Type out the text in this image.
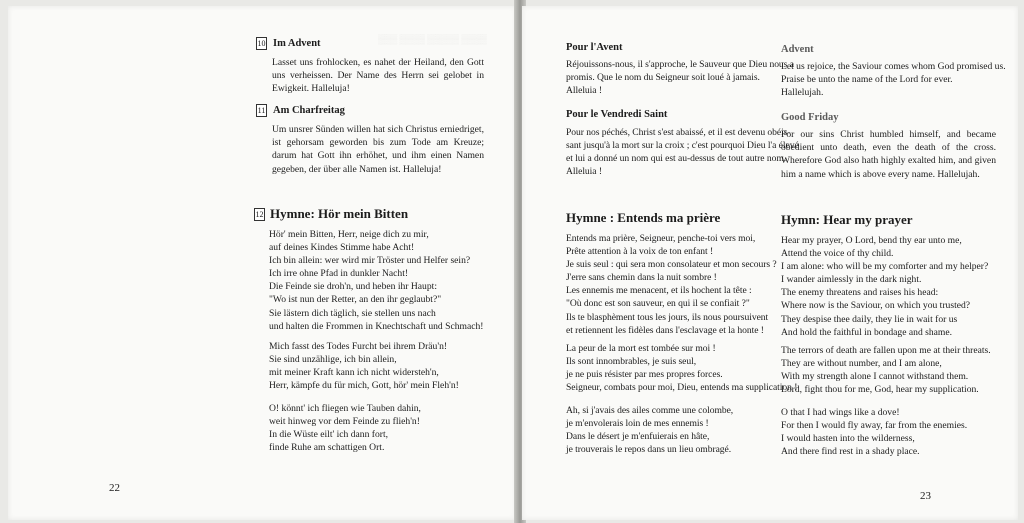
▒▒▒ ▒▒▒▒ ▒▒▒▒▒ ▒▒▒▒
10 Im Advent
Lasset uns frohlocken, es nahet der Heiland, den Gott uns verheissen. Der Name des Herrn sei gelobet in Ewigkeit. Halleluja!
11 Am Charfreitag
Um unsrer Sünden willen hat sich Christus erniedriget, ist gehorsam geworden bis zum Tode am Kreuze; darum hat Gott ihn erhöhet, und ihm einen Namen gegeben, der über alle Namen ist. Halleluja!
12 Hymne: Hör mein Bitten
Hör' mein Bitten, Herr, neige dich zu mir,
auf deines Kindes Stimme habe Acht!
Ich bin allein: wer wird mir Tröster und Helfer sein?
Ich irre ohne Pfad in dunkler Nacht!
Die Feinde sie droh'n, und heben ihr Haupt:
"Wo ist nun der Retter, an den ihr geglaubt?"
Sie lästern dich täglich, sie stellen uns nach
und halten die Frommen in Knechtschaft und Schmach!
Mich fasst des Todes Furcht bei ihrem Dräu'n!
Sie sind unzählige, ich bin allein,
mit meiner Kraft kann ich nicht widersteh'n,
Herr, kämpfe du für mich, Gott, hör' mein Fleh'n!
O! könnt' ich fliegen wie Tauben dahin,
weit hinweg vor dem Feinde zu flieh'n!
In die Wüste eilt' ich dann fort,
finde Ruhe am schattigen Ort.
22
Pour l'Avent
Réjouissons-nous, il s'approche, le Sauveur que Dieu nous a
promis. Que le nom du Seigneur soit loué à jamais.
Alleluia !
Pour le Vendredi Saint
Pour nos péchés, Christ s'est abaissé, et il est devenu obéis-
sant jusqu'à la mort sur la croix ; c'est pourquoi Dieu l'a élevé
et lui a donné un nom qui est au-dessus de tout autre nom.
Alleluia !
Hymne : Entends ma prière
Entends ma prière, Seigneur, penche-toi vers moi,
Prête attention à la voix de ton enfant !
Je suis seul : qui sera mon consolateur et mon secours ?
J'erre sans chemin dans la nuit sombre !
Les ennemis me menacent, et ils hochent la tête :
"Où donc est son sauveur, en qui il se confiait ?"
Ils te blasphèment tous les jours, ils nous poursuivent
et retiennent les fidèles dans l'esclavage et la honte !
La peur de la mort est tombée sur moi !
Ils sont innombrables, je suis seul,
je ne puis résister par mes propres forces.
Seigneur, combats pour moi, Dieu, entends ma supplication !
Ah, si j'avais des ailes comme une colombe,
je m'envolerais loin de mes ennemis !
Dans le désert je m'enfuierais en hâte,
je trouverais le repos dans un lieu ombragé.
Advent
Let us rejoice, the Saviour comes whom God promised us.
Praise be unto the name of the Lord for ever.
Hallelujah.
Good Friday
For our sins Christ humbled himself, and became obedient unto death, even the death of the cross. Wherefore God also hath highly exalted him, and given him a name which is above every name. Hallelujah.
Hymn: Hear my prayer
Hear my prayer, O Lord, bend thy ear unto me,
Attend the voice of thy child.
I am alone: who will be my comforter and my helper?
I wander aimlessly in the dark night.
The enemy threatens and raises his head:
Where now is the Saviour, on which you trusted?
They despise thee daily, they lie in wait for us
And hold the faithful in bondage and shame.
The terrors of death are fallen upon me at their threats.
They are without number, and I am alone,
With my strength alone I cannot withstand them.
Lord, fight thou for me, God, hear my supplication.
O that I had wings like a dove!
For then I would fly away, far from the enemies.
I would hasten into the wilderness,
And there find rest in a shady place.
23
